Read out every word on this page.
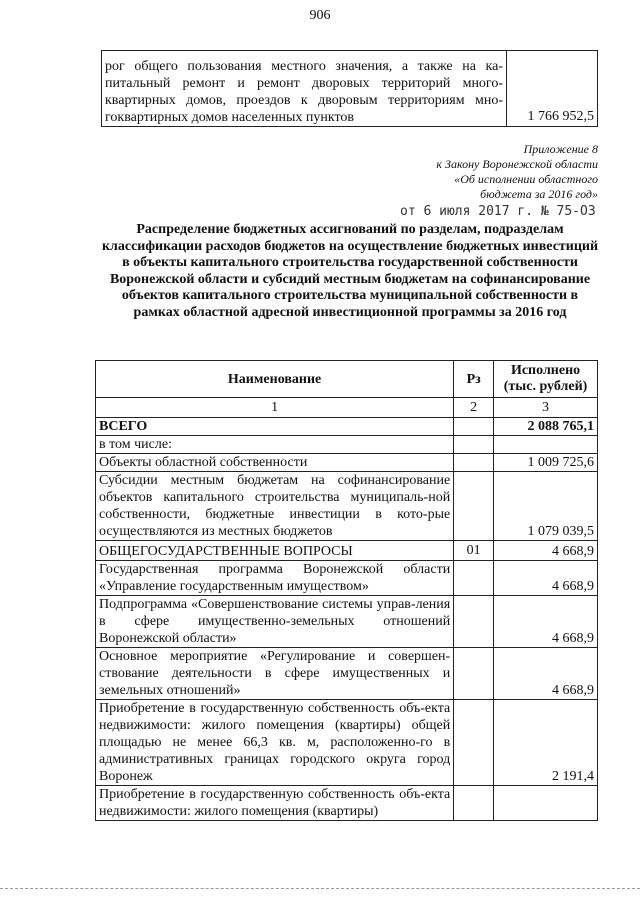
906
рог общего пользования местного значения, а также на ка-питальный ремонт и ремонт дворовых территорий много-квартирных домов, проездов к дворовым территориям мно-гоквартирных домов населенных пунктов	1 766 952,5
Приложение 8
к Закону Воронежской области
«Об исполнении областного
бюджета за 2016 год»
от 6 июля 2017 г. № 75-ОЗ
Распределение бюджетных ассигнований по разделам, подразделам классификации расходов бюджетов на осуществление бюджетных инвестиций в объекты капитального строительства государственной собственности Воронежской области и субсидий местным бюджетам на софинансирование объектов капитального строительства муниципальной собственности в рамках областной адресной инвестиционной программы за 2016 год
Наименование	Рз	Исполнено (тыс. рублей)
1	2	3
ВСЕГО		2 088 765,1
в том числе:		
Объекты областной собственности		1 009 725,6
Субсидии местным бюджетам на софинансирование объектов капитального строительства муниципаль-ной собственности, бюджетные инвестиции в кото-рые осуществляются из местных бюджетов		1 079 039,5
ОБЩЕГОСУДАРСТВЕННЫЕ ВОПРОСЫ	01	4 668,9
Государственная программа Воронежской области «Управление государственным имуществом»		4 668,9
Подпрограмма «Совершенствование системы управ-ления в сфере имущественно-земельных отношений Воронежской области»		4 668,9
Основное мероприятие «Регулирование и совершен-ствование деятельности в сфере имущественных и земельных отношений»		4 668,9
Приобретение в государственную собственность объ-екта недвижимости: жилого помещения (квартиры) общей площадью не менее 66,3 кв. м, расположенно-го в административных границах городского округа город Воронеж		2 191,4
Приобретение в государственную собственность объ-екта недвижимости: жилого помещения (квартиры)		
